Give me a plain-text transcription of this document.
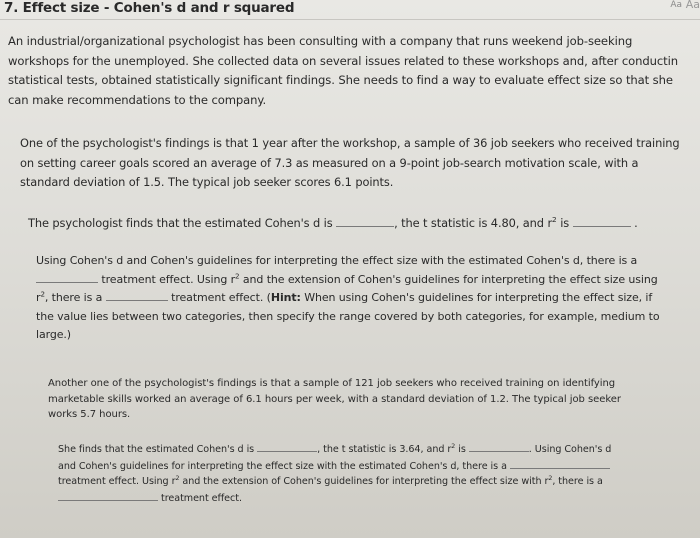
7. Effect size - Cohen's d and r squared	Aa Aa
An industrial/organizational psychologist has been consulting with a company that runs weekend job-seeking
workshops for the unemployed. She collected data on several issues related to these workshops and, after conductin
statistical tests, obtained statistically significant findings. She needs to find a way to evaluate effect size so that she
can make recommendations to the company.
One of the psychologist's findings is that 1 year after the workshop, a sample of 36 job seekers who received training
on setting career goals scored an average of 7.3 as measured on a 9-point job-search motivation scale, with a
standard deviation of 1.5. The typical job seeker scores 6.1 points.
The psychologist finds that the estimated Cohen's d is	, the t statistic is 4.80, and $r^2$ is	.
Using Cohen's d and Cohen's guidelines for interpreting the effect size with the estimated Cohen's d, there is a
treatment effect. Using $r^2$ and the extension of Cohen's guidelines for interpreting the effect size using
$r^2$, there is a	treatment effect. (Hint: When using Cohen's guidelines for interpreting the effect size, if
the value lies between two categories, then specify the range covered by both categories, for example, medium to
large.)
Another one of the psychologist's findings is that a sample of 121 job seekers who received training on identifying
marketable skills worked an average of 6.1 hours per week, with a standard deviation of 1.2. The typical job seeker
works 5.7 hours.
She finds that the estimated Cohen's d is	, the t statistic is 3.64, and $r^2$ is	. Using Cohen's d
and Cohen's guidelines for interpreting the effect size with the estimated Cohen's d, there is a
treatment effect. Using $r^2$ and the extension of Cohen's guidelines for interpreting the effect size with $r^2$, there is a
treatment effect.
